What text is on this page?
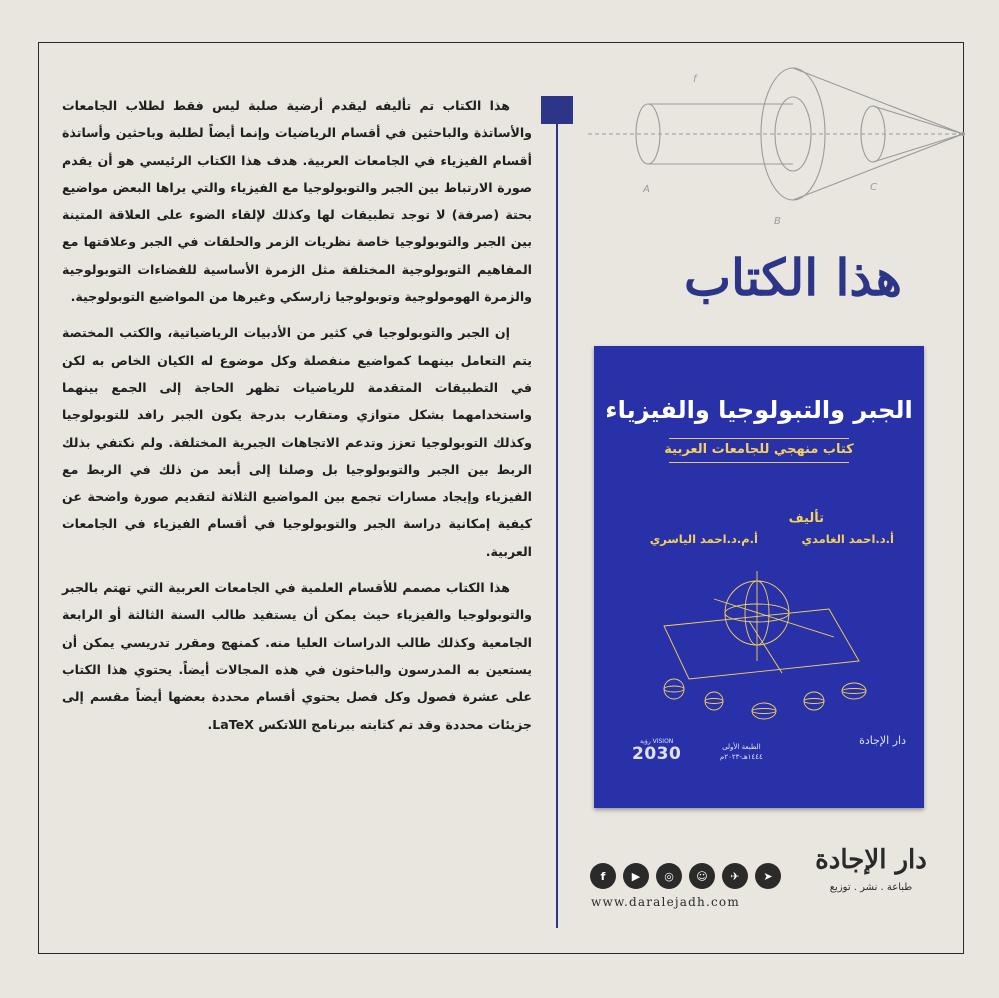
هذا الكتاب تم تأليفه ليقدم أرضية صلبة ليس فقط لطلاب الجامعات والأساتذة والباحثين في أقسام الرياضيات وإنما أيضاً لطلبة وباحثين وأساتذة أقسام الفيزياء في الجامعات العربية. هدف هذا الكتاب الرئيسي هو أن يقدم صورة الارتباط بين الجبر والتوبولوجيا مع الفيزياء والتي يراها البعض مواضيع بحتة (صرفة) لا توجد تطبيقات لها وكذلك لإلقاء الضوء على العلاقة المتينة بين الجبر والتوبولوجيا خاصة نظريات الزمر والحلقات في الجبر وعلاقتها مع المفاهيم التوبولوجية المختلفة مثل الزمرة الأساسية للفضاءات التوبولوجية والزمرة الهومولوجية وتوبولوجيا زارسكي وغيرها من المواضيع التوبولوجية.

إن الجبر والتوبولوجيا في كثير من الأدبيات الرياضياتية، والكتب المختصة يتم التعامل بينهما كمواضيع منفصلة وكل موضوع له الكيان الخاص به لكن في التطبيقات المتقدمة للرياضيات تظهر الحاجة إلى الجمع بينهما واستخدامهما بشكل متوازي ومتقارب بدرجة يكون الجبر رافد للتوبولوجيا وكذلك التوبولوجيا تعزز وتدعم الاتجاهات الجبرية المختلفة. ولم نكتفي بذلك الربط بين الجبر والتوبولوجيا بل وصلنا إلى أبعد من ذلك في الربط مع الفيزياء وإيجاد مسارات تجمع بين المواضيع الثلاثة لتقديم صورة واضحة عن كيفية إمكانية دراسة الجبر والتوبولوجيا في أقسام الفيزياء في الجامعات العربية.

هذا الكتاب مصمم للأقسام العلمية في الجامعات العربية التي تهتم بالجبر والتوبولوجيا والفيزياء حيث يمكن أن يستفيد طالب السنة الثالثة أو الرابعة الجامعية وكذلك طالب الدراسات العليا منه. كمنهج ومقرر تدريسي يمكن أن يستعين به المدرسون والباحثون في هذه المجالات أيضاً. يحتوي هذا الكتاب على عشرة فصول وكل فصل يحتوي أقسام محددة بعضها أيضاً مقسم إلى جزيئات محددة وقد تم كتابته ببرنامج اللاتكس LaTeX.

f
A	C
B
هذا الكتاب
الجبر والتبولوجيا والفيزياء
كتاب منهجي للجامعات العربية
تأليف
أ.د.احمد الغامدي
أ.م.د.احمد الياسري
رؤية VISION
2030	الطبعة الأولى
١٤٤٤هـ-٢٠٢٣م
دار الإجادة
f	▶	◎	☺	✈	➤
www.daralejadh.com
دار الإجادة
طباعة . نشر . توزيع
